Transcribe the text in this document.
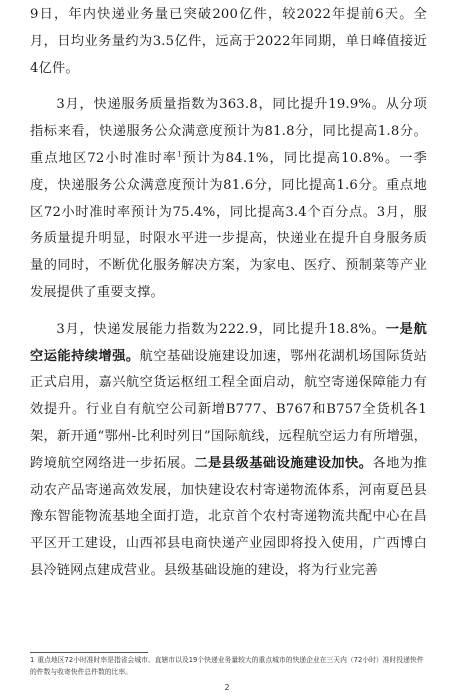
9日，年内快递业务量已突破200亿件，较2022年提前6天。全月，日均业务量约为3.5亿件，远高于2022年同期，单日峰值接近4亿件。

3月，快递服务质量指数为363.8，同比提升19.9%。从分项指标来看，快递服务公众满意度预计为81.8分，同比提高1.8分。重点地区72小时准时率$^1$预计为84.1%，同比提高10.8%。一季度，快递服务公众满意度预计为81.6分，同比提高1.6分。重点地区72小时准时率预计为75.4%，同比提高3.4个百分点。3月，服务质量提升明显，时限水平进一步提高，快递业在提升自身服务质量的同时，不断优化服务解决方案，为家电、医疗、预制菜等产业发展提供了重要支撑。

3月，快递发展能力指数为222.9，同比提升18.8%。一是航空运能持续增强。航空基础设施建设加速，鄂州花湖机场国际货站正式启用，嘉兴航空货运枢纽工程全面启动，航空寄递保障能力有效提升。行业自有航空公司新增B777、B767和B757全货机各1架，新开通“鄂州-比利时列日”国际航线，远程航空运力有所增强，跨境航空网络进一步拓展。二是县级基础设施建设加快。各地为推动农产品寄递高效发展，加快建设农村寄递物流体系，河南夏邑县豫东智能物流基地全面打造，北京首个农村寄递物流共配中心在昌平区开工建设，山西祁县电商快递产业园即将投入使用，广西博白县冷链网点建成营业。县级基础设施的建设，将为行业完善

1 重点地区72小时准时率是指省会城市、直辖市以及19个快递业务量较大的重点城市的快递企业在三天内（72小时）准时投递快件的件数与收寄快件总件数的比率。
2
